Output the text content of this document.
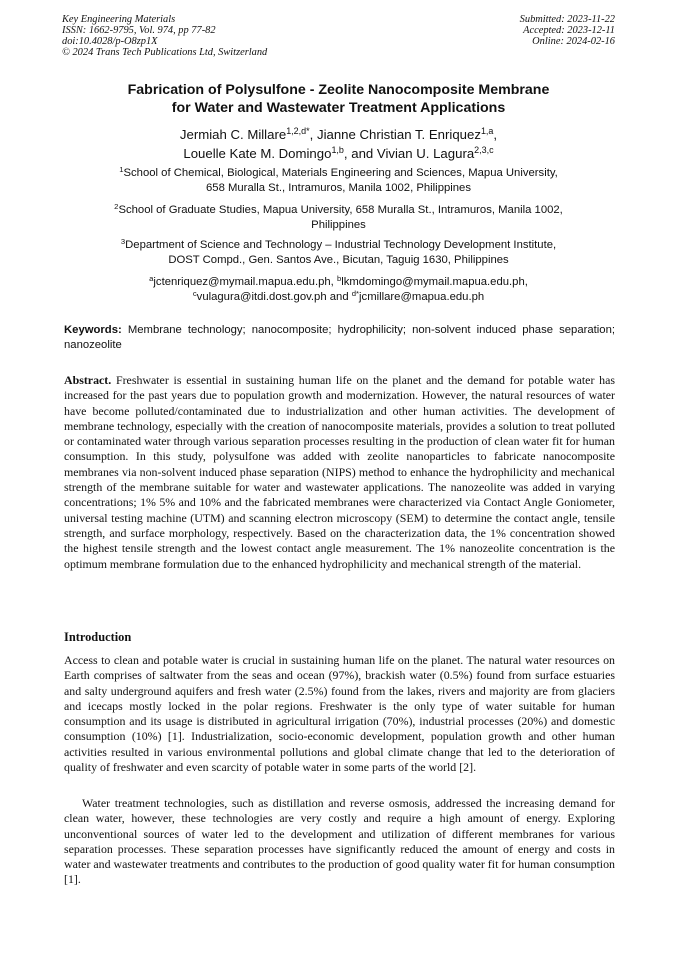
Key Engineering Materials
ISSN: 1662-9795, Vol. 974, pp 77-82
doi:10.4028/p-O8zp1X
© 2024 Trans Tech Publications Ltd, Switzerland
Submitted: 2023-11-22
Accepted: 2023-12-11
Online: 2024-02-16
Fabrication of Polysulfone - Zeolite Nanocomposite Membrane
for Water and Wastewater Treatment Applications
Jermiah C. Millare$^{1,2,d*}$, Jianne Christian T. Enriquez$^{1,a}$,
Louelle Kate M. Domingo$^{1,b}$, and Vivian U. Lagura$^{2,3,c}$
$^1$School of Chemical, Biological, Materials Engineering and Sciences, Mapua University,
658 Muralla St., Intramuros, Manila 1002, Philippines
$^2$School of Graduate Studies, Mapua University, 658 Muralla St., Intramuros, Manila 1002,
Philippines
$^3$Department of Science and Technology – Industrial Technology Development Institute,
DOST Compd., Gen. Santos Ave., Bicutan, Taguig 1630, Philippines
$^a$jctenriquez@mymail.mapua.edu.ph, $^b$lkmdomingo@mymail.mapua.edu.ph,
$^c$vulagura@itdi.dost.gov.ph and $^{d*}$jcmillare@mapua.edu.ph
Keywords: Membrane technology; nanocomposite; hydrophilicity; non-solvent induced phase separation; nanozeolite
Abstract. Freshwater is essential in sustaining human life on the planet and the demand for potable water has increased for the past years due to population growth and modernization. However, the natural resources of water have become polluted/contaminated due to industrialization and other human activities. The development of membrane technology, especially with the creation of nanocomposite materials, provides a solution to treat polluted or contaminated water through various separation processes resulting in the production of clean water fit for human consumption. In this study, polysulfone was added with zeolite nanoparticles to fabricate nanocomposite membranes via non-solvent induced phase separation (NIPS) method to enhance the hydrophilicity and mechanical strength of the membrane suitable for water and wastewater applications. The nanozeolite was added in varying concentrations; 1% 5% and 10% and the fabricated membranes were characterized via Contact Angle Goniometer, universal testing machine (UTM) and scanning electron microscopy (SEM) to determine the contact angle, tensile strength, and surface morphology, respectively. Based on the characterization data, the 1% concentration showed the highest tensile strength and the lowest contact angle measurement. The 1% nanozeolite concentration is the optimum membrane formulation due to the enhanced hydrophilicity and mechanical strength of the material.
Introduction
Access to clean and potable water is crucial in sustaining human life on the planet. The natural water resources on Earth comprises of saltwater from the seas and ocean (97%), brackish water (0.5%) found from surface estuaries and salty underground aquifers and fresh water (2.5%) found from the lakes, rivers and majority are from glaciers and icecaps mostly locked in the polar regions. Freshwater is the only type of water suitable for human consumption and its usage is distributed in agricultural irrigation (70%), industrial processes (20%) and domestic consumption (10%) [1]. Industrialization, socio-economic development, population growth and other human activities resulted in various environmental pollutions and global climate change that led to the deterioration of quality of freshwater and even scarcity of potable water in some parts of the world [2].
Water treatment technologies, such as distillation and reverse osmosis, addressed the increasing demand for clean water, however, these technologies are very costly and require a high amount of energy. Exploring unconventional sources of water led to the development and utilization of different membranes for various separation processes. These separation processes have significantly reduced the amount of energy and costs in water and wastewater treatments and contributes to the production of good quality water fit for human consumption [1].
